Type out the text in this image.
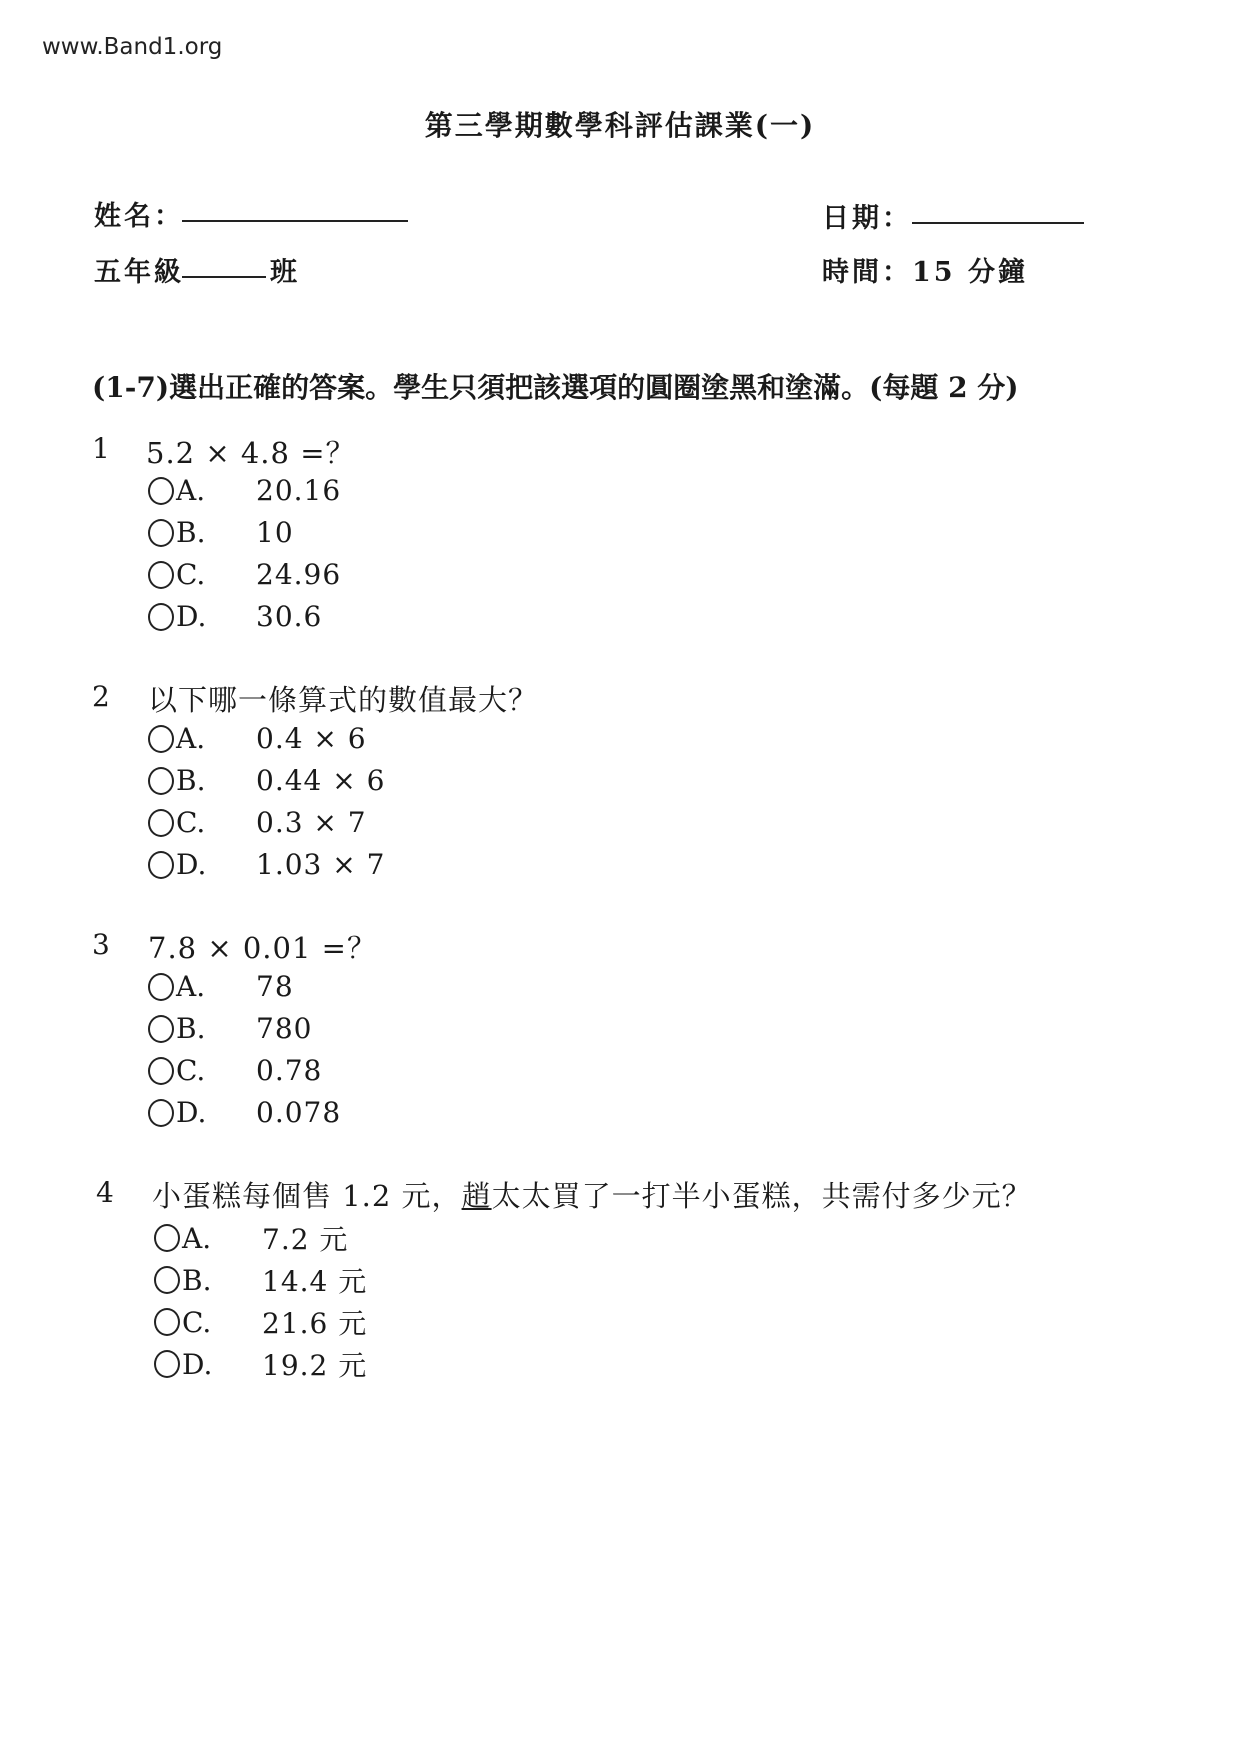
www.Band1.org
第三學期數學科評估課業(一)
姓名：	日期：
五年級	班	時間：15 分鐘
(1-7)選出正確的答案。學生只須把該選項的圓圈塗黑和塗滿。(每題 2 分)
1 5.2 × 4.8 =？
A.	20.16
B.	10
C.	24.96
D.	30.6
2 以下哪一條算式的數值最大？
A.	0.4 × 6
B.	0.44 × 6
C.	0.3 × 7
D.	1.03 × 7
3 7.8 × 0.01 =？
A.	78
B.	780
C.	0.78
D.	0.078
4 小蛋糕每個售 1.2 元，趙太太買了一打半小蛋糕，共需付多少元？
A.	7.2 元
B.	14.4 元
C.	21.6 元
D.	19.2 元
